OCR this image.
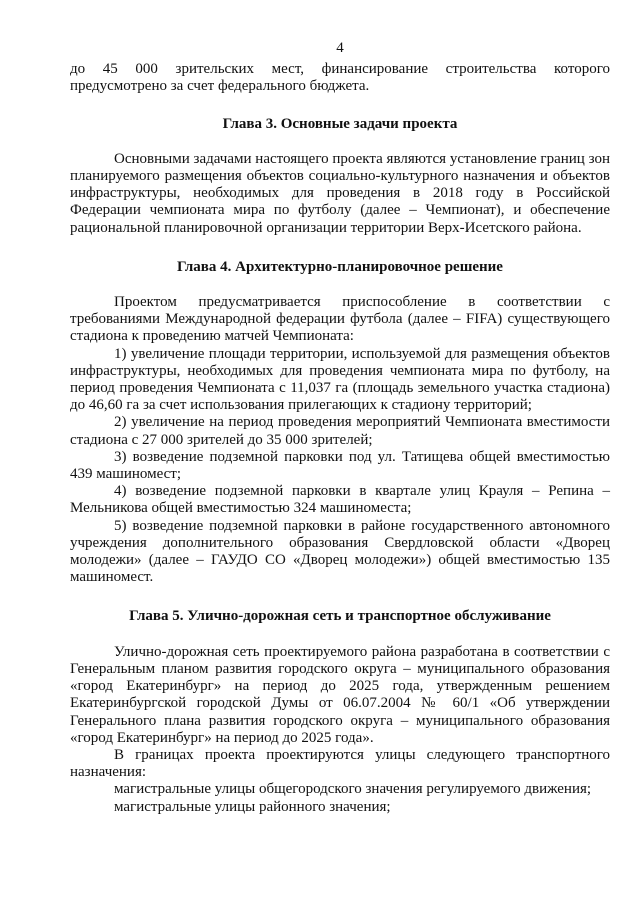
4

до 45 000 зрительских мест, финансирование строительства которого предусмотрено за счет федерального бюджета.

Глава 3. Основные задачи проекта

Основными задачами настоящего проекта являются установление границ зон планируемого размещения объектов социально-культурного назначения и объектов инфраструктуры, необходимых для проведения в 2018 году в Российской Федерации чемпионата мира по футболу (далее – Чемпионат), и обеспечение рациональной планировочной организации территории Верх-Исетского района.

Глава 4. Архитектурно-планировочное решение

Проектом предусматривается приспособление в соответствии с требованиями Международной федерации футбола (далее – FIFA) существующего стадиона к проведению матчей Чемпионата:

1) увеличение площади территории, используемой для размещения объектов инфраструктуры, необходимых для проведения чемпионата мира по футболу, на период проведения Чемпионата с 11,037 га (площадь земельного участка стадиона) до 46,60 га за счет использования прилегающих к стадиону территорий;

2) увеличение на период проведения мероприятий Чемпионата вместимости стадиона с 27 000 зрителей до 35 000 зрителей;

3) возведение подземной парковки под ул. Татищева общей вместимостью 439 машиномест;

4) возведение подземной парковки в квартале улиц Крауля – Репина – Мельникова общей вместимостью 324 машиноместа;

5) возведение подземной парковки в районе государственного автономного учреждения дополнительного образования Свердловской области «Дворец молодежи» (далее – ГАУДО СО «Дворец молодежи») общей вместимостью 135 машиномест.

Глава 5. Улично-дорожная сеть и транспортное обслуживание

Улично-дорожная сеть проектируемого района разработана в соответствии с Генеральным планом развития городского округа – муниципального образования «город Екатеринбург» на период до 2025 года, утвержденным решением Екатеринбургской городской Думы от 06.07.2004 № 60/1 «Об утверждении Генерального плана развития городского округа – муниципального образования «город Екатеринбург» на период до 2025 года».

В границах проекта проектируются улицы следующего транспортного назначения:

магистральные улицы общегородского значения регулируемого движения;

магистральные улицы районного значения;
